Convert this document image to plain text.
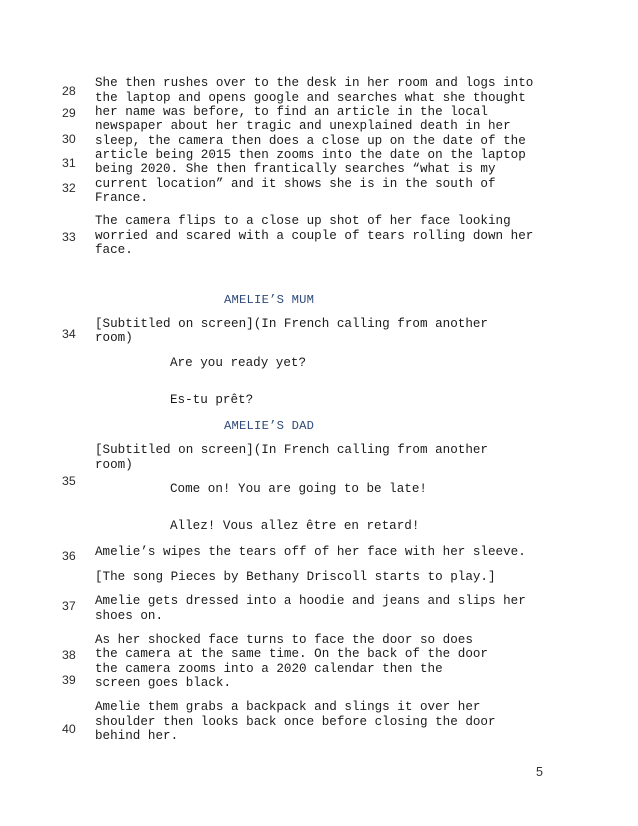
28
29
30
31
32
33
34
35
36
37
38
39
40
She then rushes over to the desk in her room and logs into
the laptop and opens google and searches what she thought
her name was before, to find an article in the local
newspaper about her tragic and unexplained death in her
sleep, the camera then does a close up on the date of the
article being 2015 then zooms into the date on the laptop
being 2020. She then frantically searches “what is my
current location” and it shows she is in the south of
France.
The camera flips to a close up shot of her face looking
worried and scared with a couple of tears rolling down her
face.
AMELIE’S MUM
[Subtitled on screen](In French calling from another
room)
Are you ready yet?
Es-tu prêt?
AMELIE’S DAD
[Subtitled on screen](In French calling from another
room)
Come on! You are going to be late!
Allez! Vous allez être en retard!
Amelie’s wipes the tears off of her face with her sleeve.
[The song Pieces by Bethany Driscoll starts to play.]
Amelie gets dressed into a hoodie and jeans and slips her
shoes on.
As her shocked face turns to face the door so does
the camera at the same time. On the back of the door
the camera zooms into a 2020 calendar then the
screen goes black.
Amelie them grabs a backpack and slings it over her
shoulder then looks back once before closing the door
behind her.
5
